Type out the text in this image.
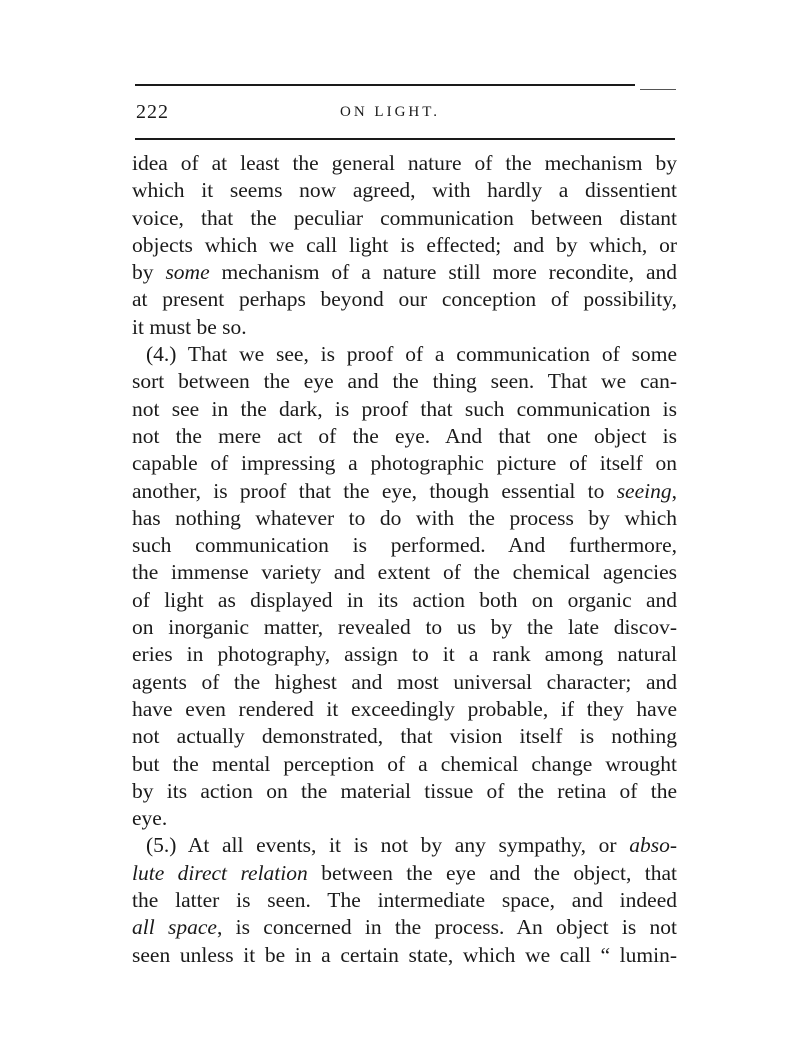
222	ON LIGHT.
idea of at least the general nature of the mechanism by
which it seems now agreed, with hardly a dissentient
voice, that the peculiar communication between distant
objects which we call light is effected; and by which, or
by some mechanism of a nature still more recondite, and
at present perhaps beyond our conception of possibility,
it must be so.
(4.) That we see, is proof of a communication of some
sort between the eye and the thing seen. That we can-
not see in the dark, is proof that such communication is
not the mere act of the eye. And that one object is
capable of impressing a photographic picture of itself on
another, is proof that the eye, though essential to seeing,
has nothing whatever to do with the process by which
such communication is performed. And furthermore,
the immense variety and extent of the chemical agencies
of light as displayed in its action both on organic and
on inorganic matter, revealed to us by the late discov-
eries in photography, assign to it a rank among natural
agents of the highest and most universal character; and
have even rendered it exceedingly probable, if they have
not actually demonstrated, that vision itself is nothing
but the mental perception of a chemical change wrought
by its action on the material tissue of the retina of the
eye.
(5.) At all events, it is not by any sympathy, or abso-
lute direct relation between the eye and the object, that
the latter is seen. The intermediate space, and indeed
all space, is concerned in the process. An object is not
seen unless it be in a certain state, which we call “ lumin-
